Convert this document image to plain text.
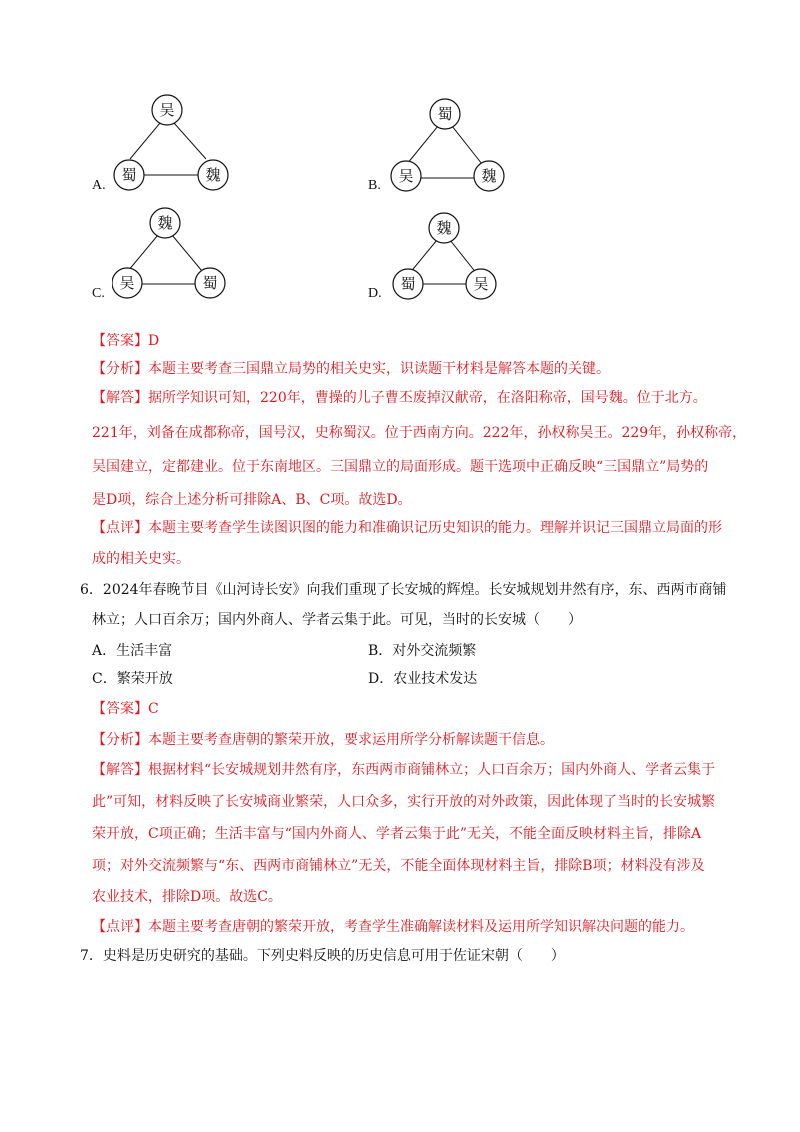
A.
吴
蜀	魏
B.
蜀
吴	魏
C.
魏
吴	蜀
D.
魏
蜀	吴
【答案】D
【分析】本题主要考查三国鼎立局势的相关史实，识读题干材料是解答本题的关键。
【解答】据所学知识可知，220年，曹操的儿子曹丕废掉汉献帝，在洛阳称帝，国号魏。位于北方。
221年，刘备在成都称帝，国号汉，史称蜀汉。位于西南方向。222年，孙权称吴王。229年，孙权称帝，
吴国建立，定都建业。位于东南地区。三国鼎立的局面形成。题干选项中正确反映“三国鼎立”局势的
是D项，综合上述分析可排除A、B、C项。故选D。
【点评】本题主要考查学生读图识图的能力和准确识记历史知识的能力。理解并识记三国鼎立局面的形
成的相关史实。
6．2024年春晚节目《山河诗长安》向我们重现了长安城的辉煌。长安城规划井然有序，东、西两市商铺
林立；人口百余万；国内外商人、学者云集于此。可见，当时的长安城（　　）
A．生活丰富	B．对外交流频繁
C．繁荣开放	D．农业技术发达
【答案】C
【分析】本题主要考查唐朝的繁荣开放，要求运用所学分析解读题干信息。
【解答】根据材料“长安城规划井然有序，东西两市商铺林立；人口百余万；国内外商人、学者云集于
此”可知，材料反映了长安城商业繁荣，人口众多，实行开放的对外政策，因此体现了当时的长安城繁
荣开放，C项正确；生活丰富与“国内外商人、学者云集于此”无关，不能全面反映材料主旨，排除A
项；对外交流频繁与“东、西两市商铺林立”无关，不能全面体现材料主旨，排除B项；材料没有涉及
农业技术，排除D项。故选C。
【点评】本题主要考查唐朝的繁荣开放，考查学生准确解读材料及运用所学知识解决问题的能力。
7．史料是历史研究的基础。下列史料反映的历史信息可用于佐证宋朝（　　）
